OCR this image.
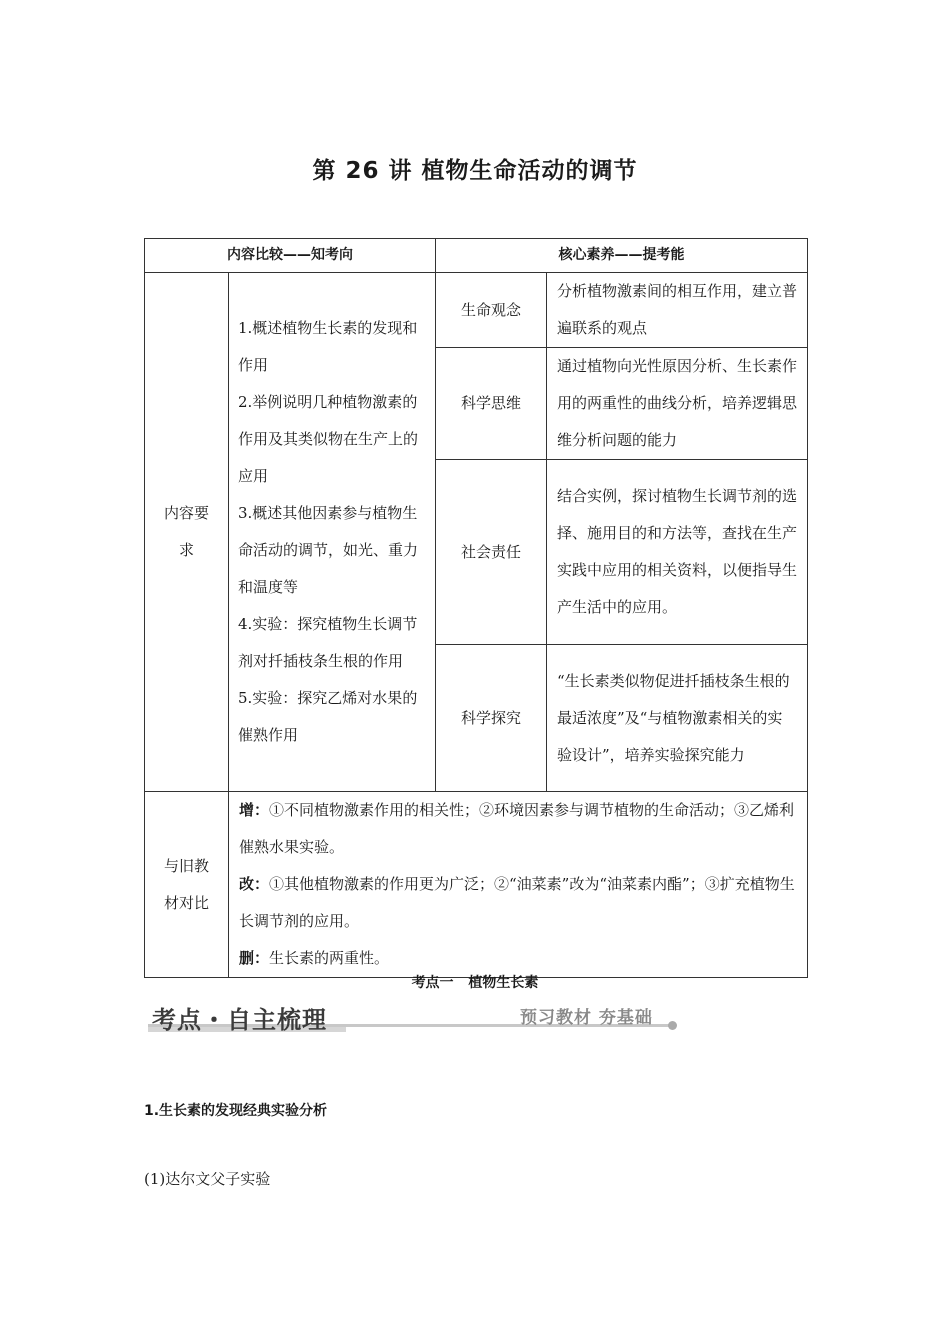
第 26 讲 植物生命活动的调节
内容比较——知考向		核心素养——提考能	
内容要求	1.概述植物生长素的发现和作用
2.举例说明几种植物激素的作用及其类似物在生产上的应用
3.概述其他因素参与植物生命活动的调节，如光、重力和温度等
4.实验：探究植物生长调节剂对扦插枝条生根的作用
5.实验：探究乙烯对水果的催熟作用	生命观念	分析植物激素间的相互作用，建立普遍联系的观点
		科学思维	通过植物向光性原因分析、生长素作用的两重性的曲线分析，培养逻辑思维分析问题的能力
		社会责任	结合实例，探讨植物生长调节剂的选择、施用目的和方法等，查找在生产实践中应用的相关资料，以便指导生产生活中的应用。
		科学探究	“生长素类似物促进扦插枝条生根的最适浓度”及“与植物激素相关的实验设计”，培养实验探究能力
与旧教材对比	增：①不同植物激素作用的相关性；②环境因素参与调节植物的生命活动；③乙烯利催熟水果实验。
改：①其他植物激素的作用更为广泛；②“油菜素”改为“油菜素内酯”；③扩充植物生长调节剂的应用。
删：生长素的两重性。		
考点一 植物生长素
考点・自主梳理	预习教材 夯基础
1.生长素的发现经典实验分析
(1)达尔文父子实验
